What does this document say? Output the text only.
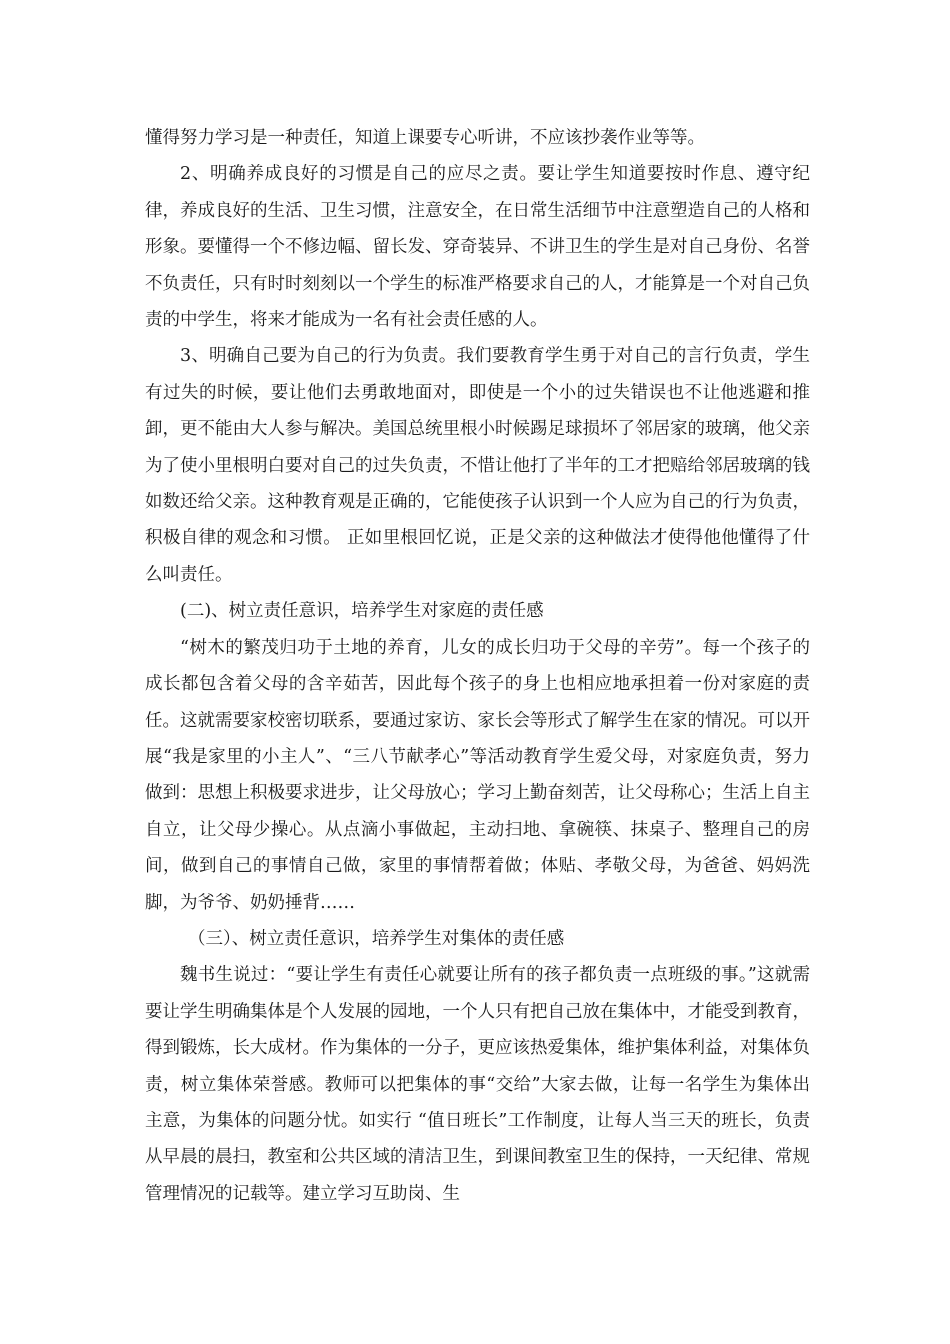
懂得努力学习是一种责任，知道上课要专心听讲，不应该抄袭作业等等。

2、明确养成良好的习惯是自己的应尽之责。要让学生知道要按时作息、遵守纪律，养成良好的生活、卫生习惯，注意安全，在日常生活细节中注意塑造自己的人格和形象。要懂得一个不修边幅、留长发、穿奇装异、不讲卫生的学生是对自己身份、名誉不负责任，只有时时刻刻以一个学生的标准严格要求自己的人，才能算是一个对自己负责的中学生，将来才能成为一名有社会责任感的人。

3、明确自己要为自己的行为负责。我们要教育学生勇于对自己的言行负责，学生有过失的时候，要让他们去勇敢地面对，即使是一个小的过失错误也不让他逃避和推卸，更不能由大人参与解决。美国总统里根小时候踢足球损坏了邻居家的玻璃，他父亲为了使小里根明白要对自己的过失负责，不惜让他打了半年的工才把赔给邻居玻璃的钱如数还给父亲。这种教育观是正确的，它能使孩子认识到一个人应为自己的行为负责，积极自律的观念和习惯。 正如里根回忆说，正是父亲的这种做法才使得他他懂得了什么叫责任。

(二)、树立责任意识，培养学生对家庭的责任感

“树木的繁茂归功于土地的养育，儿女的成长归功于父母的辛劳”。每一个孩子的成长都包含着父母的含辛茹苦，因此每个孩子的身上也相应地承担着一份对家庭的责任。这就需要家校密切联系，要通过家访、家长会等形式了解学生在家的情况。可以开展“我是家里的小主人”、“三八节献孝心”等活动教育学生爱父母，对家庭负责，努力做到：思想上积极要求进步，让父母放心；学习上勤奋刻苦，让父母称心；生活上自主自立，让父母少操心。从点滴小事做起，主动扫地、拿碗筷、抹桌子、整理自己的房间，做到自己的事情自己做，家里的事情帮着做；体贴、孝敬父母，为爸爸、妈妈洗脚，为爷爷、奶奶捶背……

（三）、树立责任意识，培养学生对集体的责任感

魏书生说过：“要让学生有责任心就要让所有的孩子都负责一点班级的事。”这就需要让学生明确集体是个人发展的园地，一个人只有把自己放在集体中，才能受到教育，得到锻炼，长大成材。作为集体的一分子，更应该热爱集体，维护集体利益，对集体负责，树立集体荣誉感。教师可以把集体的事“交给”大家去做，让每一名学生为集体出主意，为集体的问题分忧。如实行 “值日班长”工作制度，让每人当三天的班长，负责从早晨的晨扫，教室和公共区域的清洁卫生，到课间教室卫生的保持，一天纪律、常规管理情况的记载等。建立学习互助岗、生
